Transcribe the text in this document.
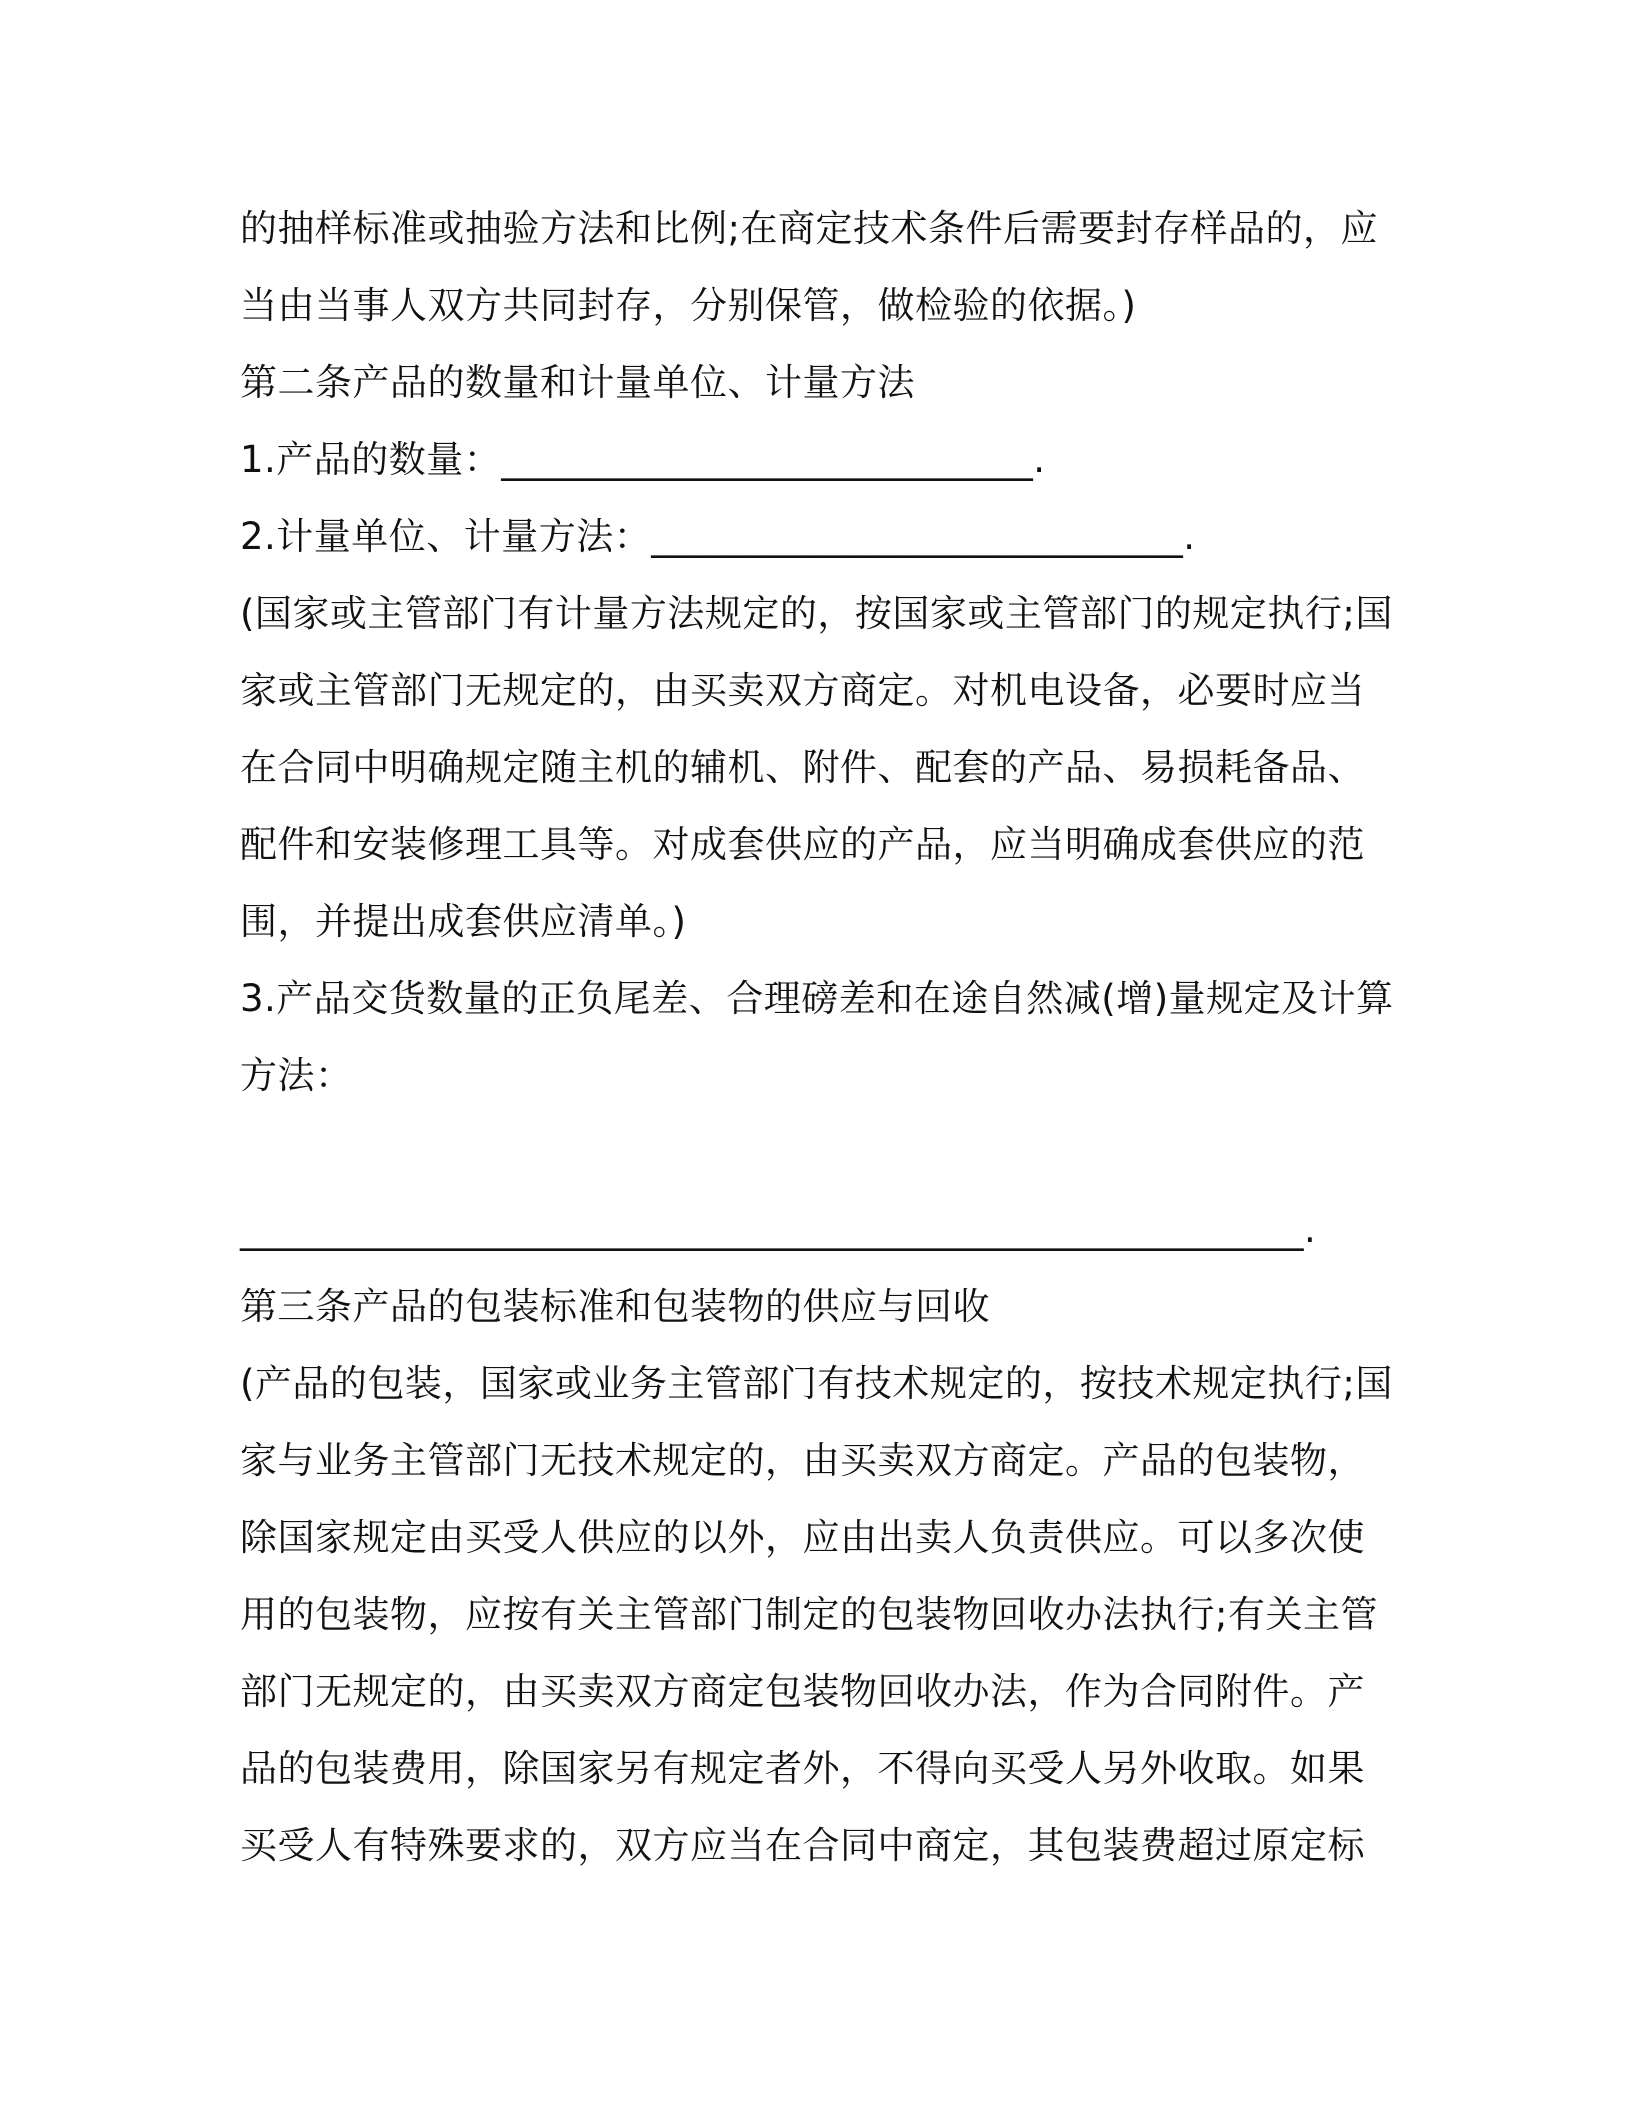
的抽样标准或抽验方法和比例;在商定技术条件后需要封存样品的，应
当由当事人双方共同封存，分别保管，做检验的依据。)
第二条产品的数量和计量单位、计量方法
1.产品的数量：____________________________.
2.计量单位、计量方法：____________________________.
(国家或主管部门有计量方法规定的，按国家或主管部门的规定执行;国
家或主管部门无规定的，由买卖双方商定。对机电设备，必要时应当
在合同中明确规定随主机的辅机、附件、配套的产品、易损耗备品、
配件和安装修理工具等。对成套供应的产品，应当明确成套供应的范
围，并提出成套供应清单。)
3.产品交货数量的正负尾差、合理磅差和在途自然减(增)量规定及计算
方法：
________________________________________________________.
第三条产品的包装标准和包装物的供应与回收
(产品的包装，国家或业务主管部门有技术规定的，按技术规定执行;国
家与业务主管部门无技术规定的，由买卖双方商定。产品的包装物，
除国家规定由买受人供应的以外，应由出卖人负责供应。可以多次使
用的包装物，应按有关主管部门制定的包装物回收办法执行;有关主管
部门无规定的，由买卖双方商定包装物回收办法，作为合同附件。产
品的包装费用，除国家另有规定者外，不得向买受人另外收取。如果
买受人有特殊要求的，双方应当在合同中商定，其包装费超过原定标
